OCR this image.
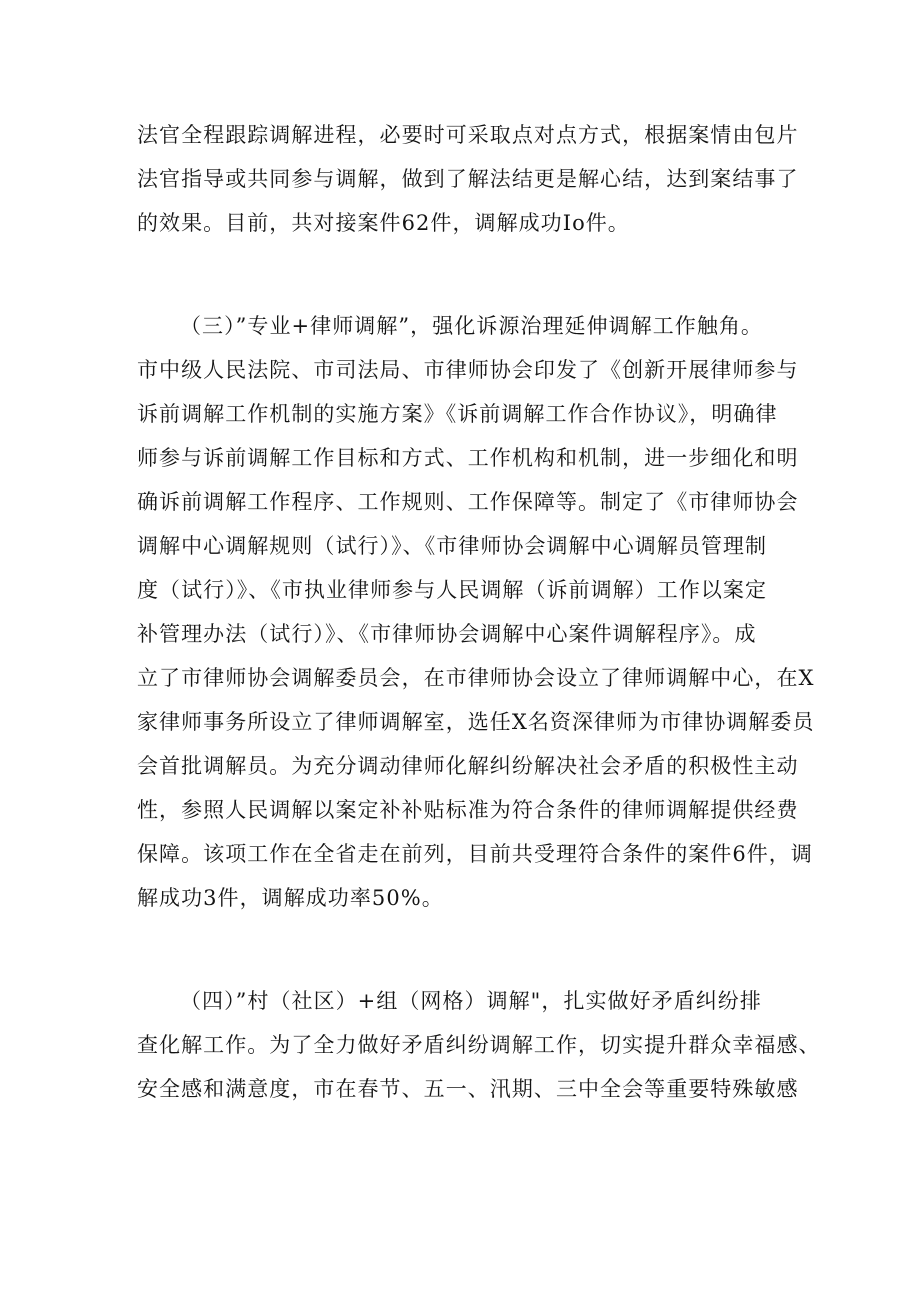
法官全程跟踪调解进程，必要时可采取点对点方式，根据案情由包片
法官指导或共同参与调解，做到了解法结更是解心结，达到案结事了
的效果。目前，共对接案件62件，调解成功Io件。
（三）”专业+律师调解”，强化诉源治理延伸调解工作触角。
市中级人民法院、市司法局、市律师协会印发了《创新开展律师参与
诉前调解工作机制的实施方案》《诉前调解工作合作协议》，明确律
师参与诉前调解工作目标和方式、工作机构和机制，进一步细化和明
确诉前调解工作程序、工作规则、工作保障等。制定了《市律师协会
调解中心调解规则（试行）》、《市律师协会调解中心调解员管理制
度（试行）》、《市执业律师参与人民调解（诉前调解）工作以案定
补管理办法（试行）》、《市律师协会调解中心案件调解程序》。成
立了市律师协会调解委员会，在市律师协会设立了律师调解中心，在X
家律师事务所设立了律师调解室，选任X名资深律师为市律协调解委员
会首批调解员。为充分调动律师化解纠纷解决社会矛盾的积极性主动
性，参照人民调解以案定补补贴标准为符合条件的律师调解提供经费
保障。该项工作在全省走在前列，目前共受理符合条件的案件6件，调
解成功3件，调解成功率50%。
（四）”村（社区）+组（网格）调解"，扎实做好矛盾纠纷排
查化解工作。为了全力做好矛盾纠纷调解工作，切实提升群众幸福感、
安全感和满意度，市在春节、五一、汛期、三中全会等重要特殊敏感
